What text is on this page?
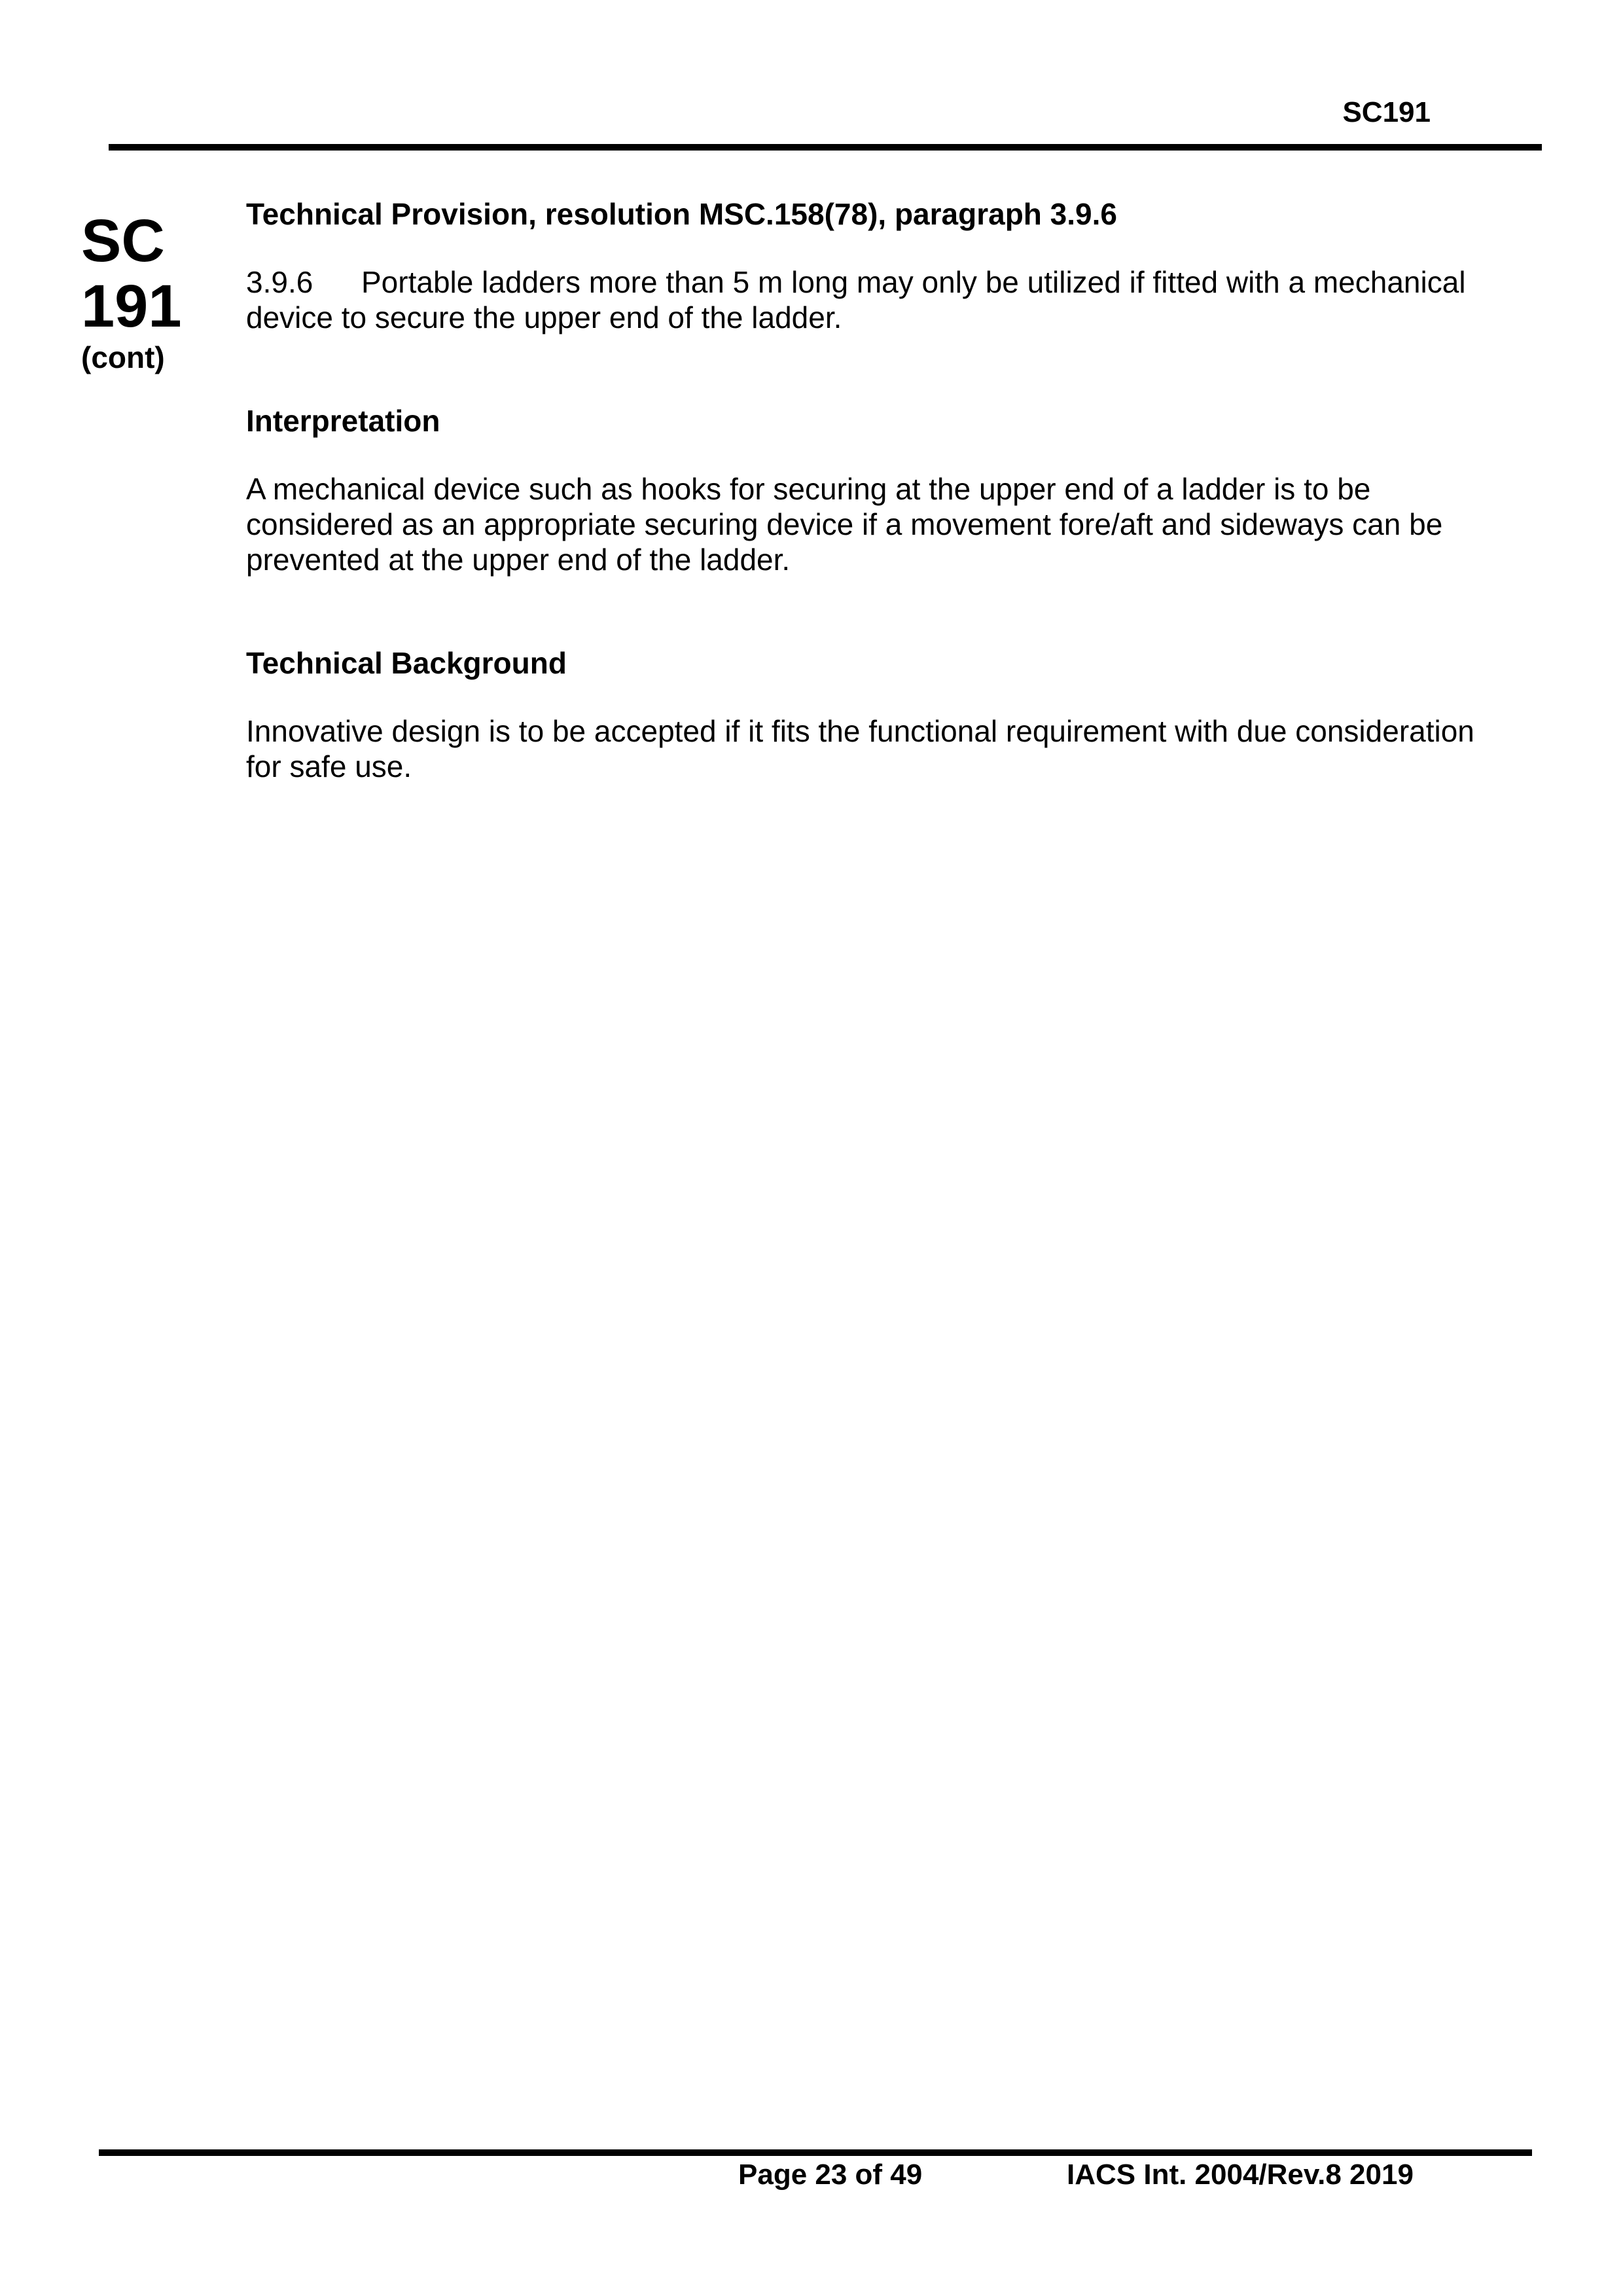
SC191
SC
191
(cont)
Technical Provision, resolution MSC.158(78), paragraph 3.9.6

3.9.6 Portable ladders more than 5 m long may only be utilized if fitted with a mechanical
device to secure the upper end of the ladder.

Interpretation

A mechanical device such as hooks for securing at the upper end of a ladder is to be
considered as an appropriate securing device if a movement fore/aft and sideways can be
prevented at the upper end of the ladder.

Technical Background

Innovative design is to be accepted if it fits the functional requirement with due consideration
for safe use.

Page 23 of 49	IACS Int. 2004/Rev.8 2019
